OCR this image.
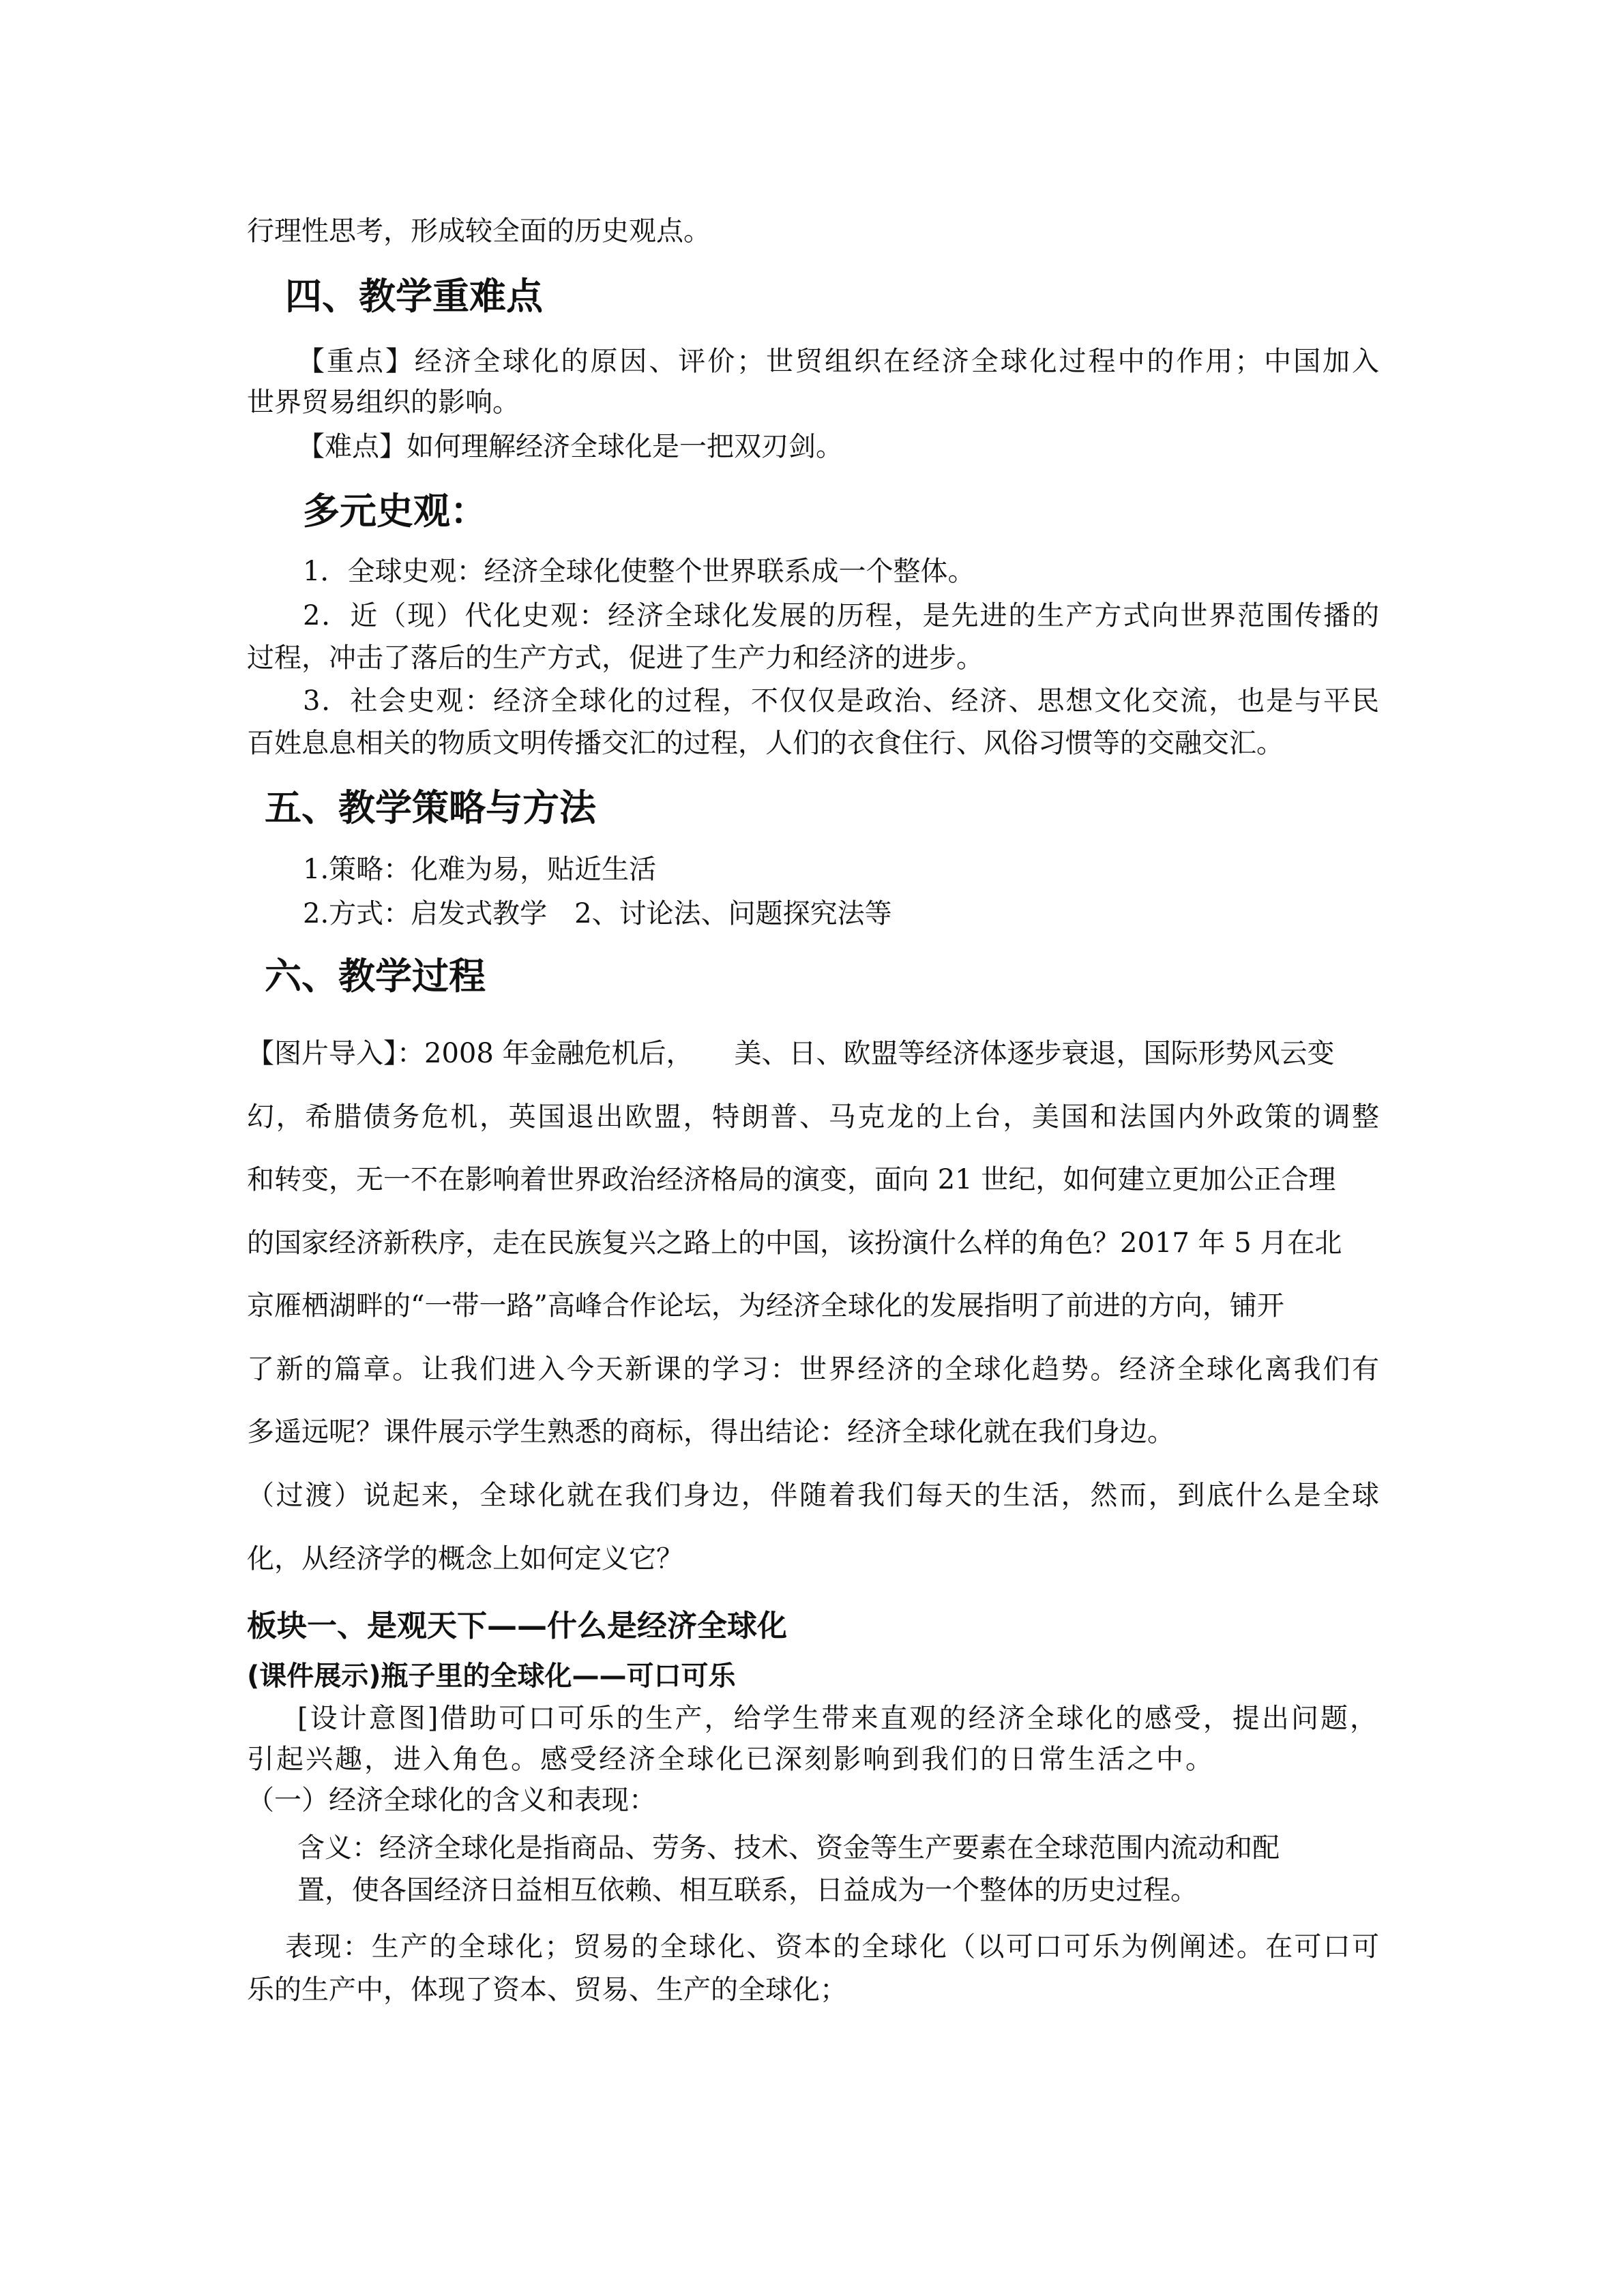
行理性思考，形成较全面的历史观点。
四、教学重难点
【重点】经济全球化的原因、评价；世贸组织在经济全球化过程中的作用；中国加入
世界贸易组织的影响。
【难点】如何理解经济全球化是一把双刃剑。
多元史观：
1．全球史观：经济全球化使整个世界联系成一个整体。
2．近（现）代化史观：经济全球化发展的历程，是先进的生产方式向世界范围传播的
过程，冲击了落后的生产方式，促进了生产力和经济的进步。
3．社会史观：经济全球化的过程，不仅仅是政治、经济、思想文化交流，也是与平民
百姓息息相关的物质文明传播交汇的过程，人们的衣食住行、风俗习惯等的交融交汇。
五、教学策略与方法
1.策略：化难为易，贴近生活
2.方式：启发式教学　2、讨论法、问题探究法等
六、教学过程
【图片导入】：2008 年金融危机后，　　美、日、欧盟等经济体逐步衰退，国际形势风云变
幻，希腊债务危机，英国退出欧盟，特朗普、马克龙的上台，美国和法国内外政策的调整
和转变，无一不在影响着世界政治经济格局的演变，面向 21 世纪，如何建立更加公正合理
的国家经济新秩序，走在民族复兴之路上的中国，该扮演什么样的角色？2017 年 5 月在北
京雁栖湖畔的“一带一路”高峰合作论坛，为经济全球化的发展指明了前进的方向，铺开
了新的篇章。让我们进入今天新课的学习：世界经济的全球化趋势。经济全球化离我们有
多遥远呢？课件展示学生熟悉的商标，得出结论：经济全球化就在我们身边。
（过渡）说起来，全球化就在我们身边，伴随着我们每天的生活，然而，到底什么是全球
化，从经济学的概念上如何定义它？
板块一、是观天下——什么是经济全球化
(课件展示)瓶子里的全球化——可口可乐
[设计意图]借助可口可乐的生产，给学生带来直观的经济全球化的感受，提出问题，
引起兴趣，进入角色。感受经济全球化已深刻影响到我们的日常生活之中。
（一）经济全球化的含义和表现：
含义：经济全球化是指商品、劳务、技术、资金等生产要素在全球范围内流动和配
置，使各国经济日益相互依赖、相互联系，日益成为一个整体的历史过程。
表现：生产的全球化；贸易的全球化、资本的全球化（以可口可乐为例阐述。在可口可
乐的生产中，体现了资本、贸易、生产的全球化；
